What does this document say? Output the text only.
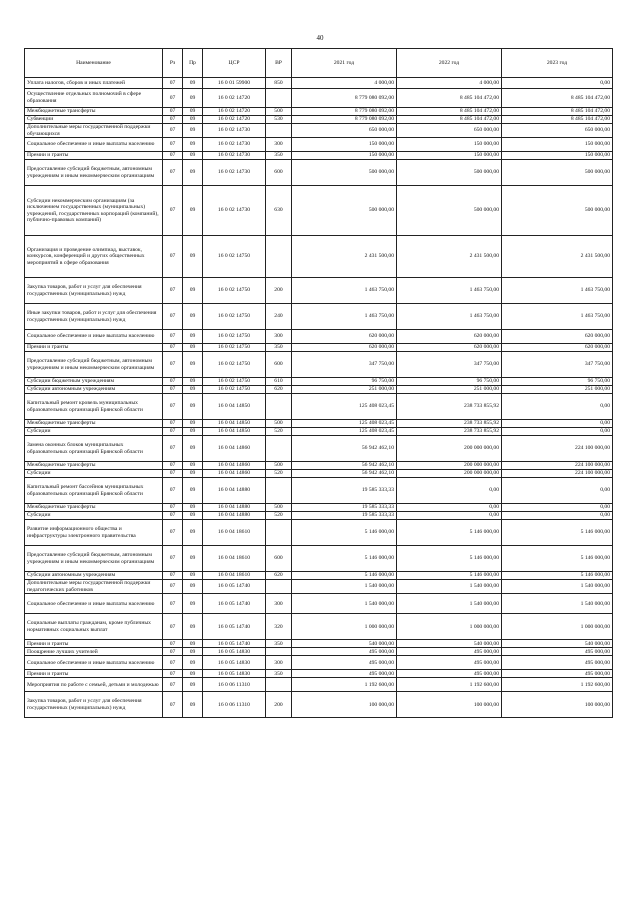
40
Наименование	Рз	Пр	ЦСР	ВР	2021 год	2022 год	2023 год
Уплата налогов, сборов и иных платежей	07	09	16 0 01 59900	850	4 000,00	4 000,00	0,00
Осуществление отдельных полномочий в сфере образования	07	09	16 0 02 14720		8 779 080 092,00	8 485 104 472,00	8 485 104 472,00
Межбюджетные трансферты	07	09	16 0 02 14720	500	8 779 080 092,00	8 485 104 472,00	8 485 104 472,00
Субвенции	07	09	16 0 02 14720	530	8 779 080 092,00	8 485 104 472,00	8 485 104 472,00
Дополнительные меры государственной поддержки обучающихся	07	09	16 0 02 14730		650 000,00	650 000,00	650 000,00
Социальное обеспечение и иные выплаты населению	07	09	16 0 02 14730	300	150 000,00	150 000,00	150 000,00
Премии и гранты	07	09	16 0 02 14730	350	150 000,00	150 000,00	150 000,00
Предоставление субсидий бюджетным, автономным учреждениям и иным некоммерческим организациям	07	09	16 0 02 14730	600	500 000,00	500 000,00	500 000,00
Субсидии некоммерческим организациям (за исключением государственных (муниципальных) учреждений, государственных корпораций (компаний), публично-правовых компаний)	07	09	16 0 02 14730	630	500 000,00	500 000,00	500 000,00
Организация и проведение олимпиад, выставок, конкурсов, конференций и других общественных мероприятий в сфере образования	07	09	16 0 02 14750		2 431 500,00	2 431 500,00	2 431 500,00
Закупка товаров, работ и услуг для обеспечения государственных (муниципальных) нужд	07	09	16 0 02 14750	200	1 463 750,00	1 463 750,00	1 463 750,00
Иные закупки товаров, работ и услуг для обеспечения государственных (муниципальных) нужд	07	09	16 0 02 14750	240	1 463 750,00	1 463 750,00	1 463 750,00
Социальное обеспечение и иные выплаты населению	07	09	16 0 02 14750	300	620 000,00	620 000,00	620 000,00
Премии и гранты	07	09	16 0 02 14750	350	620 000,00	620 000,00	620 000,00
Предоставление субсидий бюджетным, автономным учреждениям и иным некоммерческим организациям	07	09	16 0 02 14750	600	347 750,00	347 750,00	347 750,00
Субсидии бюджетным учреждениям	07	09	16 0 02 14750	610	96 750,00	96 750,00	96 750,00
Субсидии автономным учреждениям	07	09	16 0 02 14750	620	251 000,00	251 000,00	251 000,00
Капитальный ремонт кровель муниципальных образовательных организаций Брянской области	07	09	16 0 04 14850		125 408 023,45	238 733 855,92	0,00
Межбюджетные трансферты	07	09	16 0 04 14850	500	125 408 023,45	238 733 855,92	0,00
Субсидии	07	09	16 0 04 14850	520	125 408 023,45	238 733 855,92	0,00
Замена оконных блоков муниципальных образовательных организаций Брянской области	07	09	16 0 04 14860		56 942 462,10	200 000 000,00	224 100 000,00
Межбюджетные трансферты	07	09	16 0 04 14860	500	56 942 462,10	200 000 000,00	224 100 000,00
Субсидии	07	09	16 0 04 14860	520	56 942 462,10	200 000 000,00	224 100 000,00
Капитальный ремонт бассейнов муниципальных образовательных организаций Брянской области	07	09	16 0 04 14880		19 585 333,33	0,00	0,00
Межбюджетные трансферты	07	09	16 0 04 14880	500	19 585 333,33	0,00	0,00
Субсидии	07	09	16 0 04 14880	520	19 585 333,33	0,00	0,00
Развитие информационного общества и инфраструктуры электронного правительства	07	09	16 0 04 18610		5 146 000,00	5 146 000,00	5 146 000,00
Предоставление субсидий бюджетным, автономным учреждениям и иным некоммерческим организациям	07	09	16 0 04 18610	600	5 146 000,00	5 146 000,00	5 146 000,00
Субсидии автономным учреждениям	07	09	16 0 04 18610	620	5 146 000,00	5 146 000,00	5 146 000,00
Дополнительные меры государственной поддержки педагогических работников	07	09	16 0 05 14740		1 540 000,00	1 540 000,00	1 540 000,00
Социальное обеспечение и иные выплаты населению	07	09	16 0 05 14740	300	1 540 000,00	1 540 000,00	1 540 000,00
Социальные выплаты гражданам, кроме публичных нормативных социальных выплат	07	09	16 0 05 14740	320	1 000 000,00	1 000 000,00	1 000 000,00
Премии и гранты	07	09	16 0 05 14740	350	540 000,00	540 000,00	540 000,00
Поощрение лучших учителей	07	09	16 0 05 14830		495 000,00	495 000,00	495 000,00
Социальное обеспечение и иные выплаты населению	07	09	16 0 05 14830	300	495 000,00	495 000,00	495 000,00
Премии и гранты	07	09	16 0 05 14830	350	495 000,00	495 000,00	495 000,00
Мероприятия по работе с семьей, детьми и молодежью	07	09	16 0 06 11310		1 192 600,00	1 192 600,00	1 192 600,00
Закупка товаров, работ и услуг для обеспечения государственных (муниципальных) нужд	07	09	16 0 06 11310	200	100 000,00	100 000,00	100 000,00
